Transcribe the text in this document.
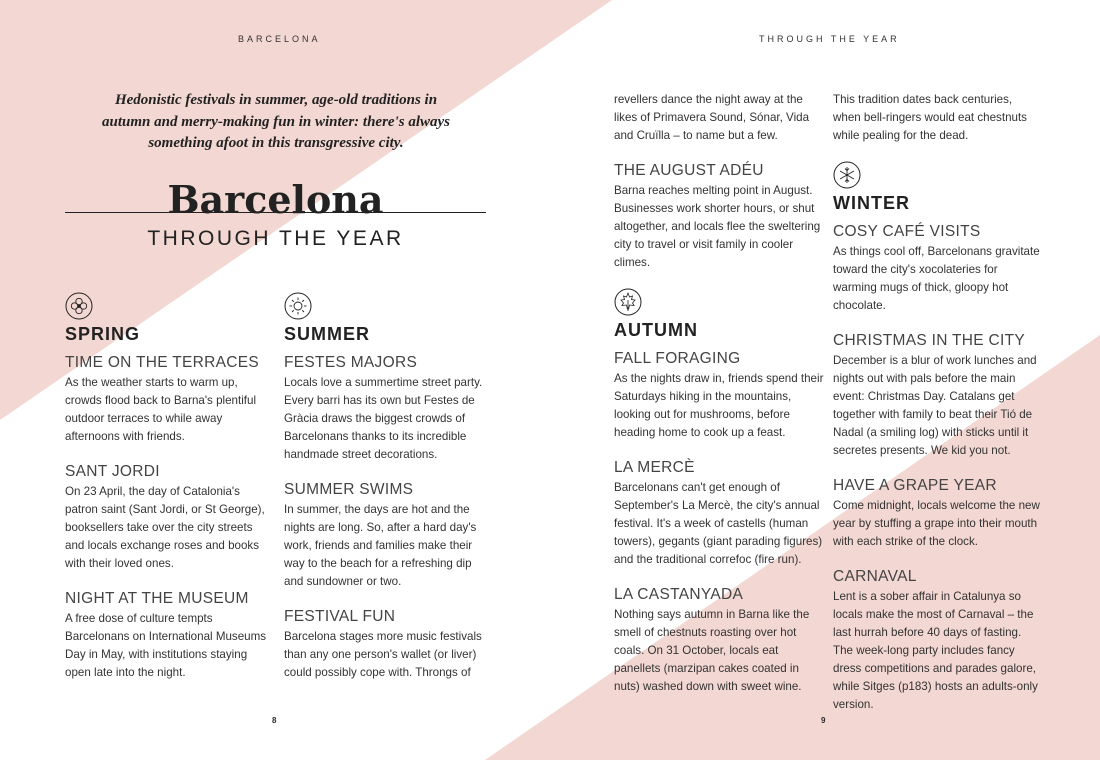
BARCELONA
Hedonistic festivals in summer, age-old traditions in autumn and merry-making fun in winter: there's always something afoot in this transgressive city.
Barcelona
THROUGH THE YEAR
SPRING
TIME ON THE TERRACES

As the weather starts to warm up, crowds flood back to Barna's plentiful outdoor terraces to while away afternoons with friends.

SANT JORDI

On 23 April, the day of Catalonia's patron saint (Sant Jordi, or St George), booksellers take over the city streets and locals exchange roses and books with their loved ones.

NIGHT AT THE MUSEUM

A free dose of culture tempts Barcelonans on International Museums Day in May, with institutions staying open late into the night.

SUMMER
FESTES MAJORS

Locals love a summertime street party. Every barri has its own but Festes de Gràcia draws the biggest crowds of Barcelonans thanks to its incredible handmade street decorations.

SUMMER SWIMS

In summer, the days are hot and the nights are long. So, after a hard day's work, friends and families make their way to the beach for a refreshing dip and sundowner or two.

FESTIVAL FUN

Barcelona stages more music festivals than any one person's wallet (or liver) could possibly cope with. Throngs of

8
THROUGH THE YEAR

revellers dance the night away at the likes of Primavera Sound, Sónar, Vida and Cruïlla – to name but a few.

THE AUGUST ADÉU

Barna reaches melting point in August. Businesses work shorter hours, or shut altogether, and locals flee the sweltering city to travel or visit family in cooler climes.

AUTUMN
FALL FORAGING

As the nights draw in, friends spend their Saturdays hiking in the mountains, looking out for mushrooms, before heading home to cook up a feast.

LA MERCÈ

Barcelonans can't get enough of September's La Mercè, the city's annual festival. It's a week of castells (human towers), gegants (giant parading figures) and the traditional correfoc (fire run).

LA CASTANYADA

Nothing says autumn in Barna like the smell of chestnuts roasting over hot coals. On 31 October, locals eat panellets (marzipan cakes coated in nuts) washed down with sweet wine.

This tradition dates back centuries, when bell-ringers would eat chestnuts while pealing for the dead.

WINTER
COSY CAFÉ VISITS

As things cool off, Barcelonans gravitate toward the city's xocolateries for warming mugs of thick, gloopy hot chocolate.

CHRISTMAS IN THE CITY

December is a blur of work lunches and nights out with pals before the main event: Christmas Day. Catalans get together with family to beat their Tió de Nadal (a smiling log) with sticks until it secretes presents. We kid you not.

HAVE A GRAPE YEAR

Come midnight, locals welcome the new year by stuffing a grape into their mouth with each strike of the clock.

CARNAVAL

Lent is a sober affair in Catalunya so locals make the most of Carnaval – the last hurrah before 40 days of fasting. The week-long party includes fancy dress competitions and parades galore, while Sitges (p183) hosts an adults-only version.

9
